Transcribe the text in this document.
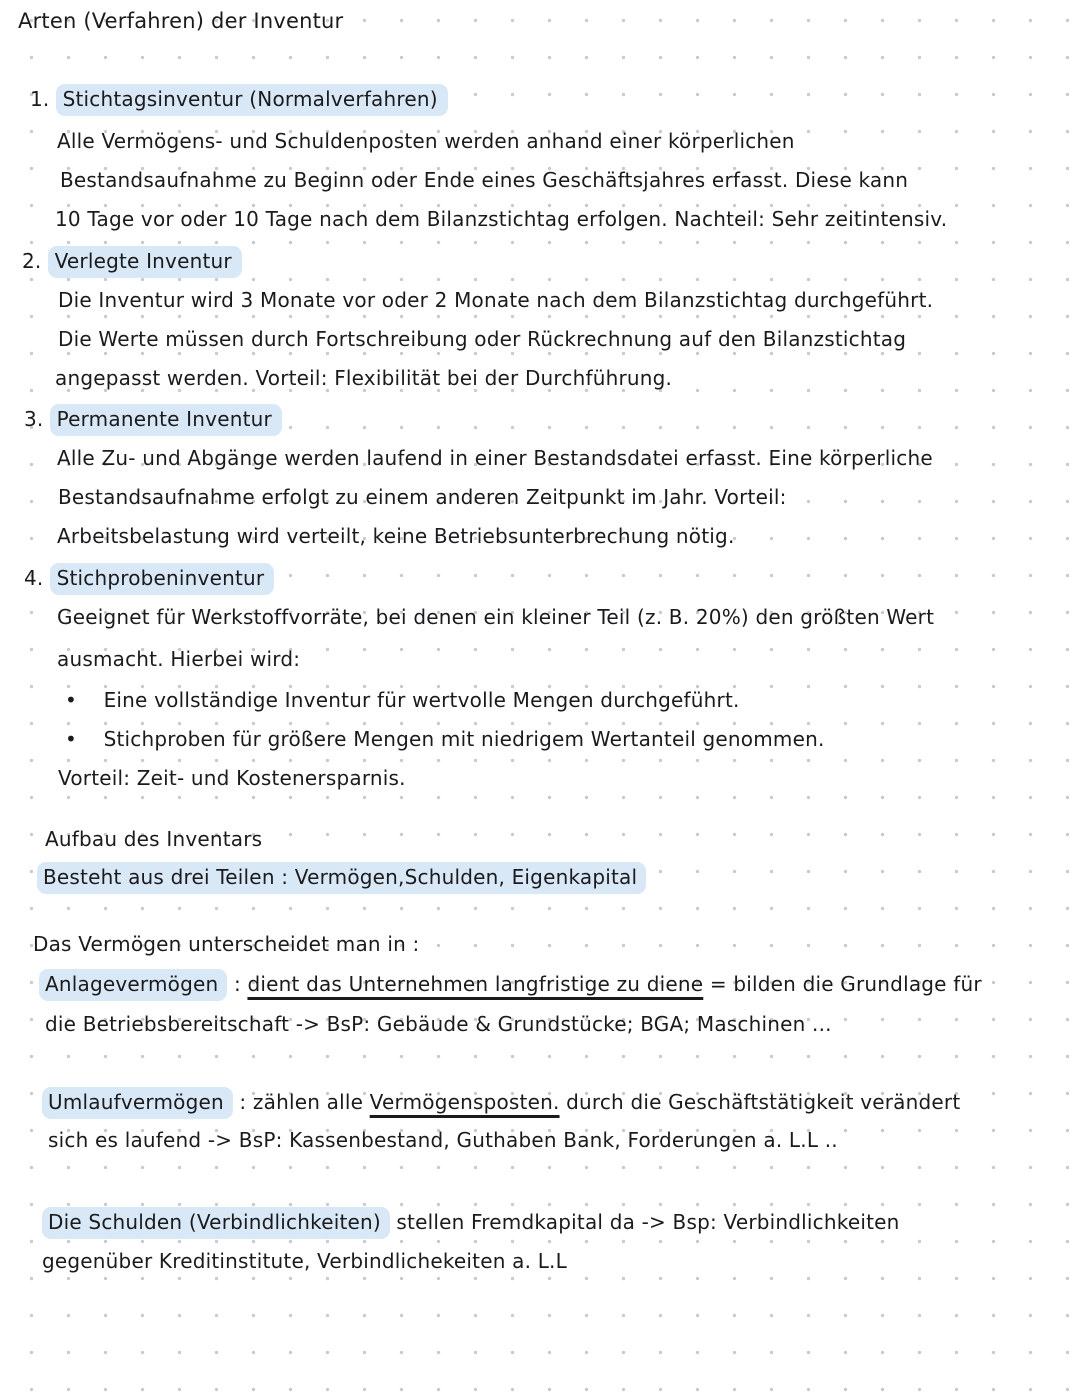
Arten (Verfahren) der Inventur
1. Stichtagsinventur (Normalverfahren)
Alle Vermögens- und Schuldenposten werden anhand einer körperlichen
Bestandsaufnahme zu Beginn oder Ende eines Geschäftsjahres erfasst. Diese kann
10 Tage vor oder 10 Tage nach dem Bilanzstichtag erfolgen. Nachteil: Sehr zeitintensiv.
2. Verlegte Inventur
Die Inventur wird 3 Monate vor oder 2 Monate nach dem Bilanzstichtag durchgeführt.
Die Werte müssen durch Fortschreibung oder Rückrechnung auf den Bilanzstichtag
angepasst werden. Vorteil: Flexibilität bei der Durchführung.
3. Permanente Inventur
Alle Zu- und Abgänge werden laufend in einer Bestandsdatei erfasst. Eine körperliche
Bestandsaufnahme erfolgt zu einem anderen Zeitpunkt im Jahr. Vorteil:
Arbeitsbelastung wird verteilt, keine Betriebsunterbrechung nötig.
4. Stichprobeninventur
Geeignet für Werkstoffvorräte, bei denen ein kleiner Teil (z. B. 20%) den größten Wert
ausmacht. Hierbei wird:
• Eine vollständige Inventur für wertvolle Mengen durchgeführt.
• Stichproben für größere Mengen mit niedrigem Wertanteil genommen.
Vorteil: Zeit- und Kostenersparnis.
Aufbau des Inventars
Besteht aus drei Teilen : Vermögen,Schulden, Eigenkapital
Das Vermögen unterscheidet man in :
Anlagevermögen : dient das Unternehmen langfristige zu diene = bilden die Grundlage für
die Betriebsbereitschaft -> BsP: Gebäude & Grundstücke; BGA; Maschinen ...
Umlaufvermögen : zählen alle Vermögensposten. durch die Geschäftstätigkeit verändert
sich es laufend -> BsP: Kassenbestand, Guthaben Bank, Forderungen a. L.L ..
Die Schulden (Verbindlichkeiten) stellen Fremdkapital da -> Bsp: Verbindlichkeiten
gegenüber Kreditinstitute, Verbindlichekeiten a. L.L
